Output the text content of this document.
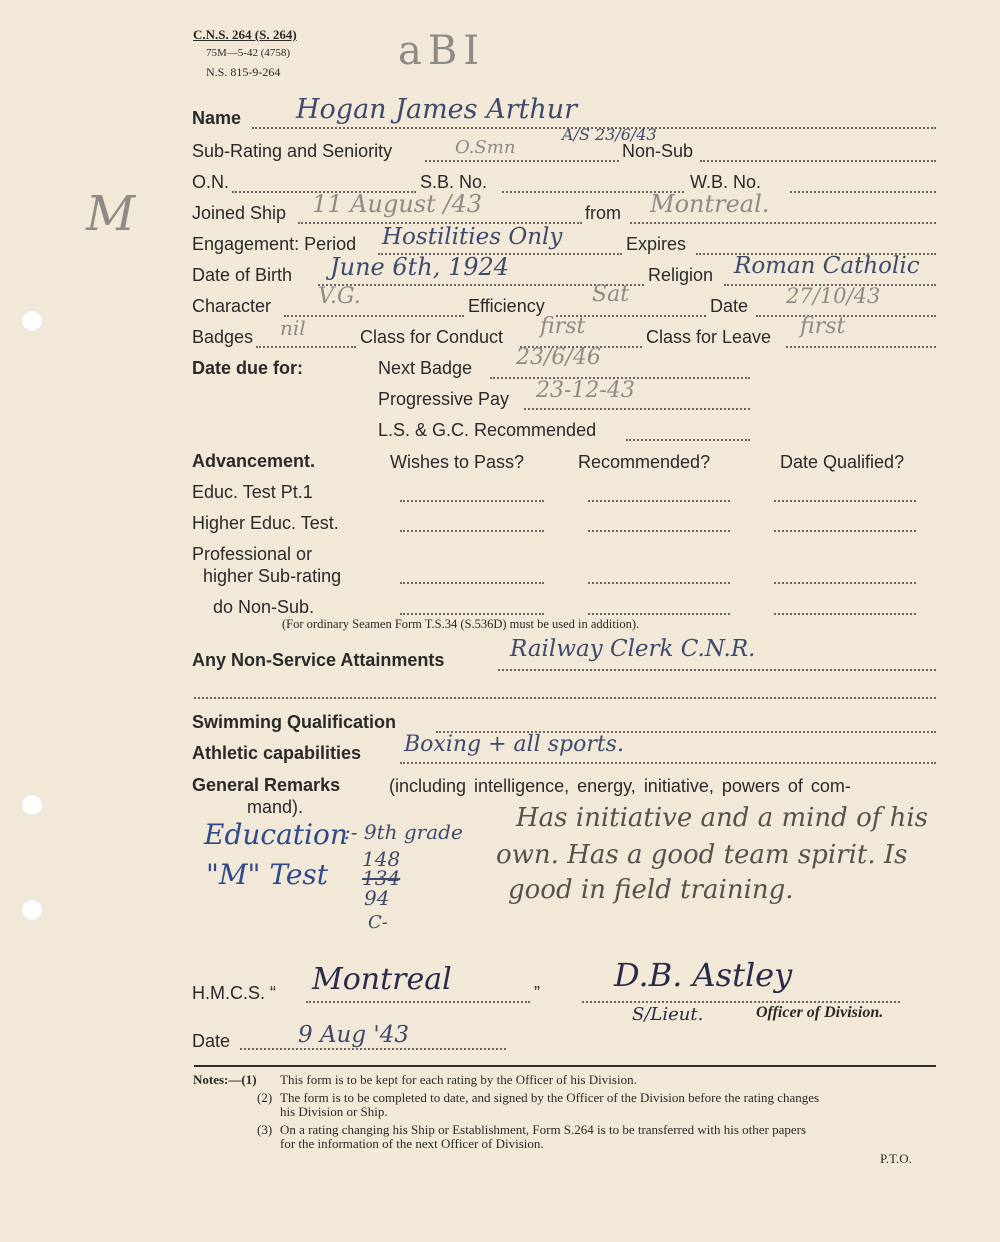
C.N.S. 264 (S. 264)
75M—5-42 (4758)
N.S. 815-9-264	aBI
M
Name Hogan James Arthur
Sub-Rating and Seniority	O.Smn	Non-Sub
A/S 23/6/43
O.N.	S.B. No.	W.B. No.
Joined Ship 11 August /43	from Montreal.
Engagement: Period Hostilities Only	Expires
Date of Birth June 6th, 1924	Religion Roman Catholic
Character V.G.	Efficiency Sat	Date 27/10/43
Badges nil	Class for Conduct first	Class for Leave first
Date due for:	Next Badge 23/6/46
Progressive Pay 23-12-43
L.S. & G.C. Recommended
Advancement.	Wishes to Pass?	Recommended?	Date Qualified?
Educ. Test Pt.1
Higher Educ. Test.
Professional or
higher Sub-rating
do Non-Sub.
(For ordinary Seamen Form T.S.34 (S.536D) must be used in addition).
Any Non-Service Attainments	Railway Clerk C.N.R.
Swimming Qualification
Athletic capabilities Boxing + all sports.
General Remarks	(including intelligence, energy, initiative, powers of com-
mand).
Education
:- 9th grade
"M" Test 148
134
94
C-
Has initiative and a mind of his
own. Has a good team spirit. Is
good in field training.
H.M.C.S. “ Montreal	” D.B. Astley
S/Lieut.	Officer of Division.
Date	9 Aug '43
Notes:—(1) This form is to be kept for each rating by the Officer of his Division.
(2) The form is to be completed to date, and signed by the Officer of the Division before the rating changes
his Division or Ship.
(3) On a rating changing his Ship or Establishment, Form S.264 is to be transferred with his other papers
for the information of the next Officer of Division.
P.T.O.
